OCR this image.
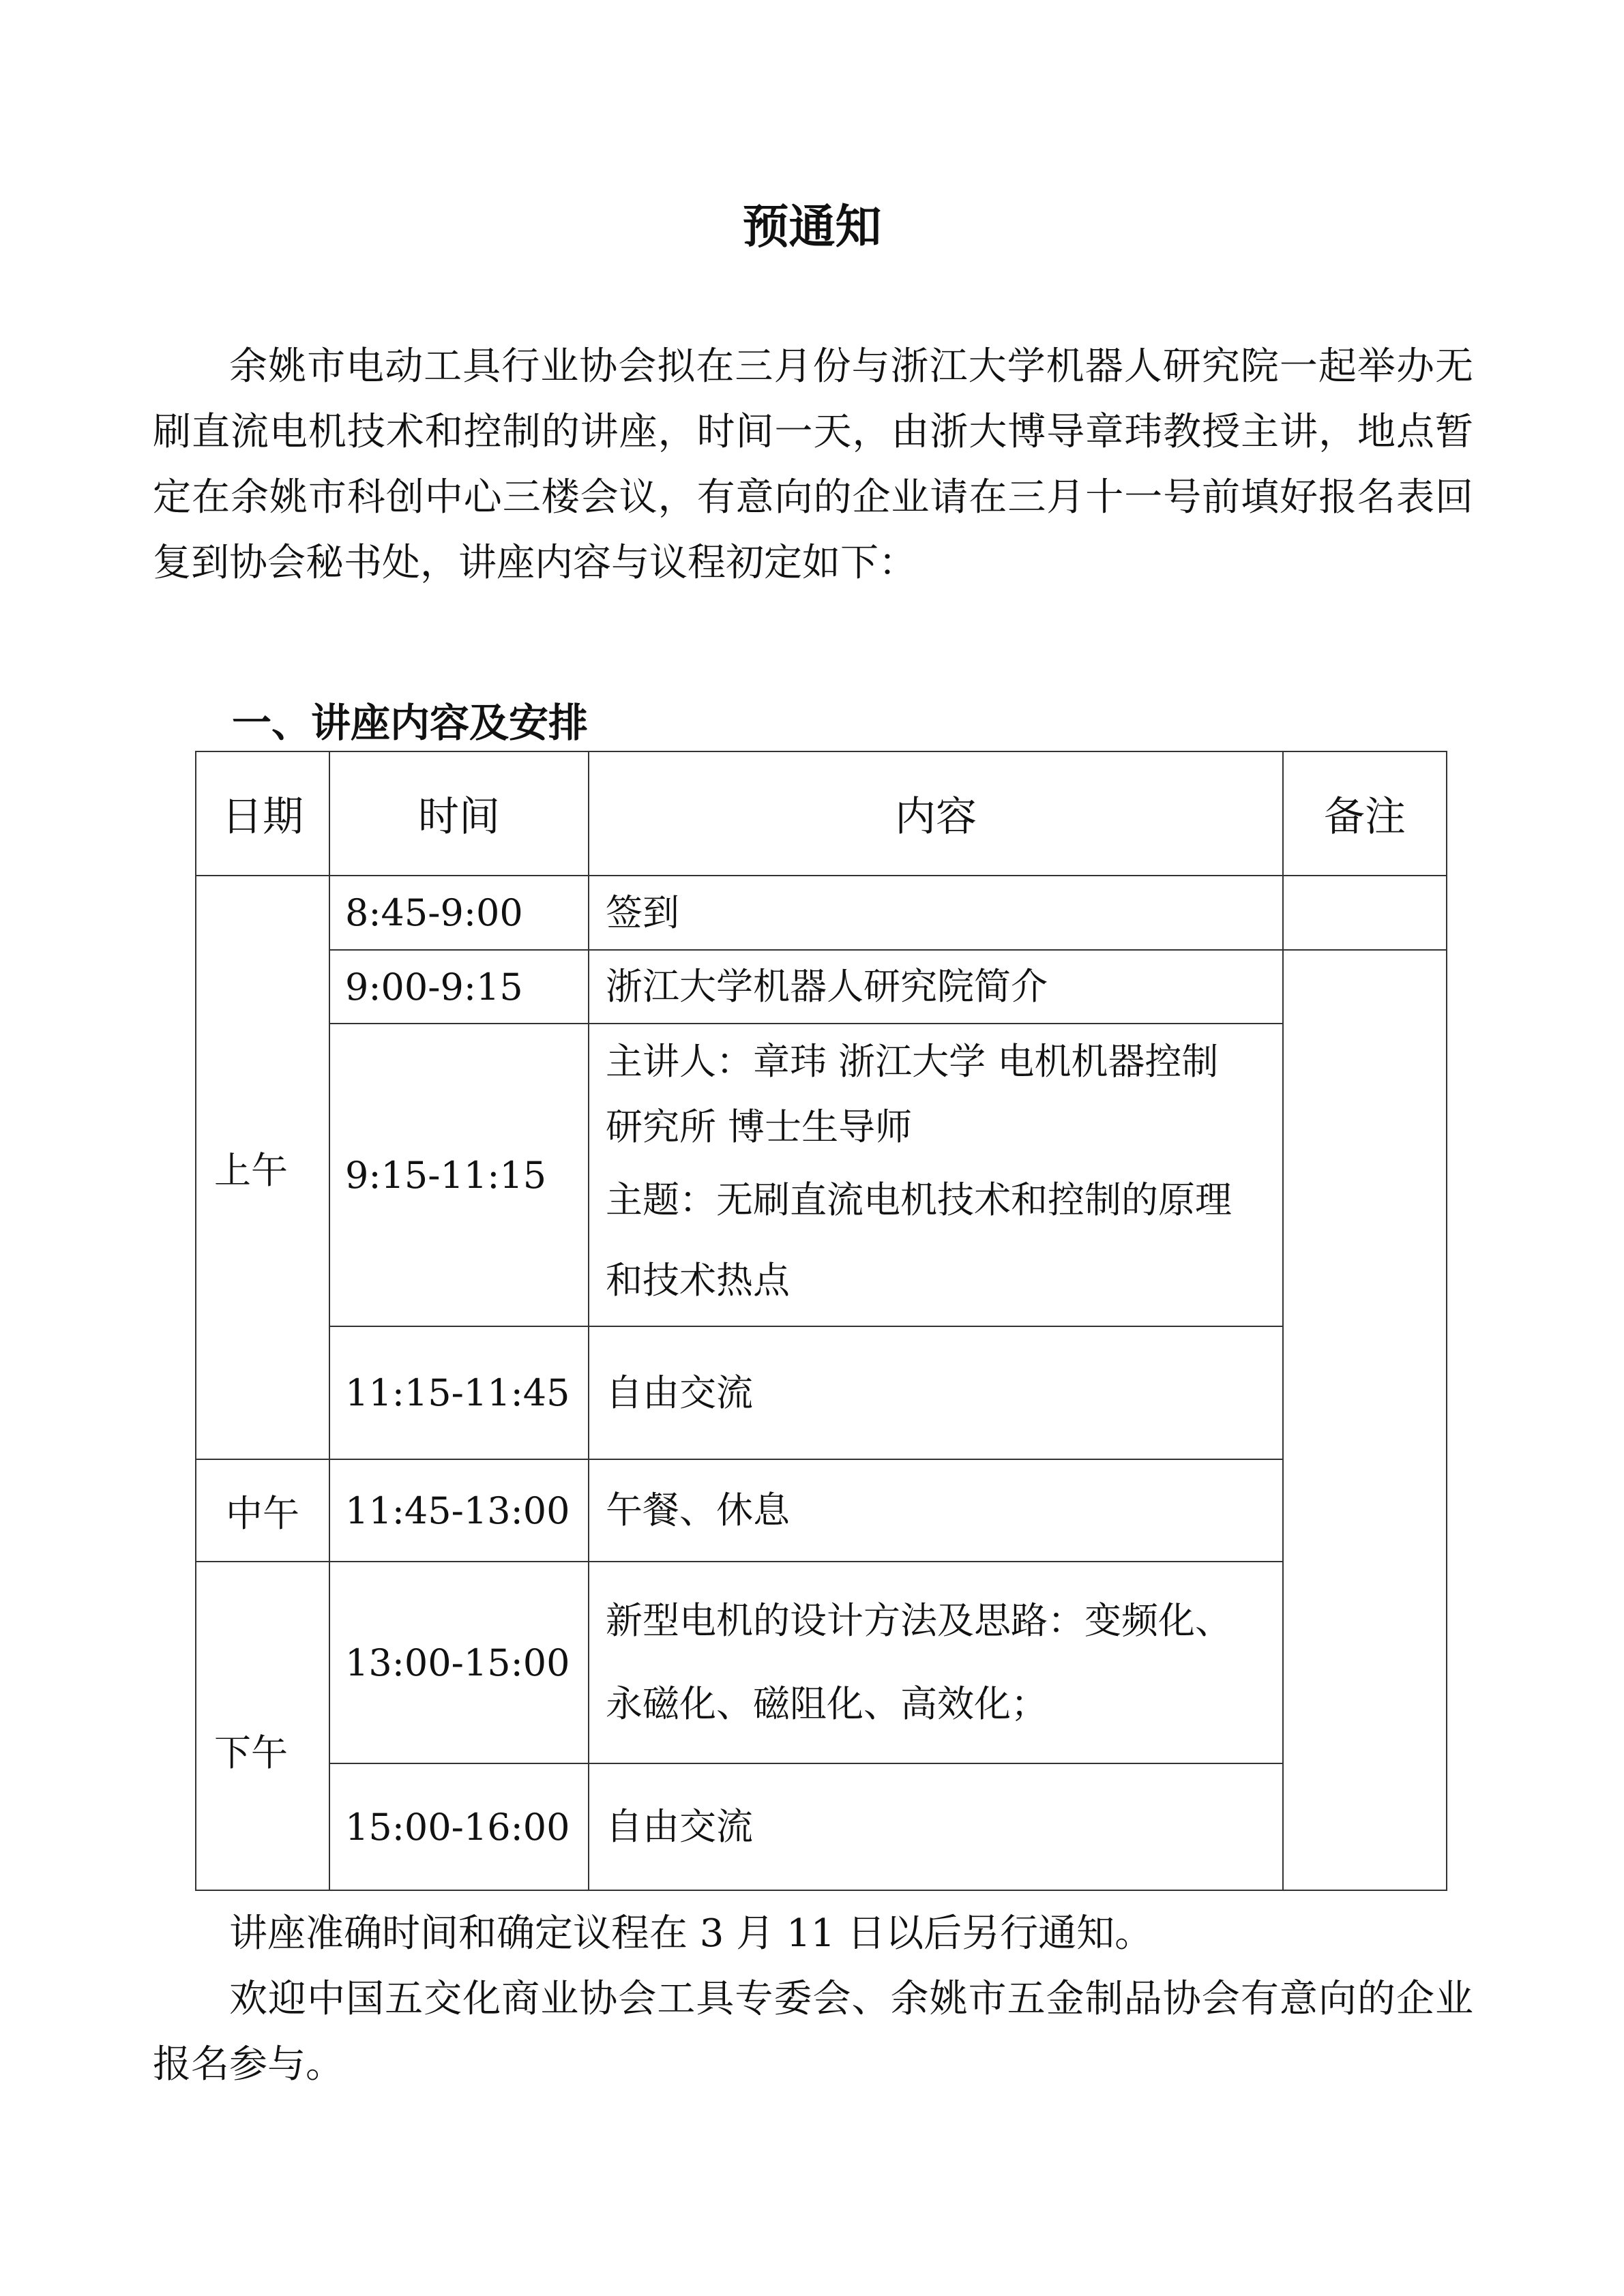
预通知

余姚市电动工具行业协会拟在三月份与浙江大学机器人研究院一起举办无刷直流电机技术和控制的讲座，时间一天，由浙大博导章玮教授主讲，地点暂定在余姚市科创中心三楼会议，有意向的企业请在三月十一号前填好报名表回复到协会秘书处，讲座内容与议程初定如下：

一、讲座内容及安排
日期	时间	内容	备注
上午	8:45-9:00	签到	

	9:00-9:15	浙江大学机器人研究院简介	

	9:15-11:15	主讲人：章玮 浙江大学 电机机器控制
研究所 博士生导师
主题：无刷直流电机技术和控制的原理
和技术热点	

	11:15-11:45	自由交流	

中午	11:45-13:00	午餐、休息	

下午	13:00-15:00	新型电机的设计方法及思路：变频化、
永磁化、磁阻化、高效化；	

	15:00-16:00	自由交流	

讲座准确时间和确定议程在 3 月 11 日以后另行通知。

欢迎中国五交化商业协会工具专委会、余姚市五金制品协会有意向的企业报名参与。
